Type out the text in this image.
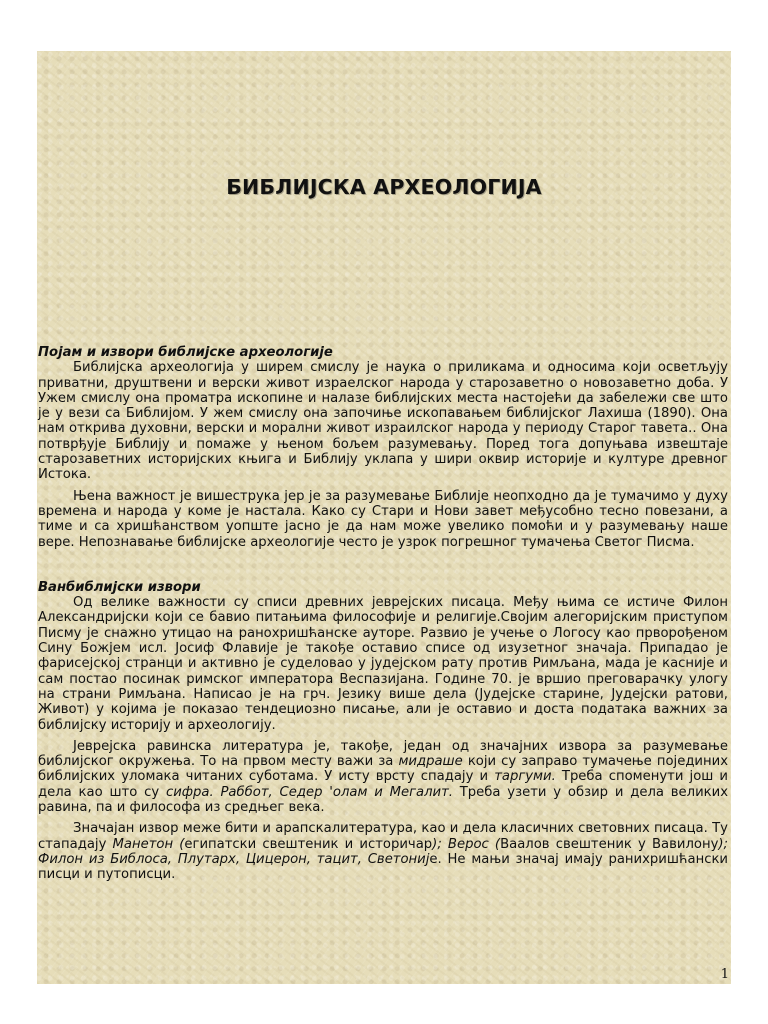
БИБЛИЈСКА АРХЕОЛОГИЈА

Појам и извори библијске археологије

Библијска археологија у ширем смислу је наука о приликама и односима који осветљују приватни, друштвени и верски живот израелског народа у старозаветно о новозаветно доба. У Ужем смислу она проматра ископине и налазе библијских места настојећи да забележи све што је у вези са Библијом. У жем смислу она започиње ископавањем библијског Лахиша (1890). Она нам открива духовни, верски и морални живот израилског народа у периоду Старог тавета.. Она потврђује Библију и помаже у њеном бољем разумевању. Поред тога допуњава извештаје старозаветних историјских књига и Библију уклапа у шири оквир историје и културе древног Истока.

Њена важност је вишеструка јер је за разумевање Библије неопходно да је тумачимо у духу времена и народа у коме је настала. Како су Стари и Нови завет међусобно тесно повезани, а тиме и са хришћанством уопште јасно је да нам може увелико помоћи и у разумевању наше вере. Непознавање библијске археологије често је узрок погрешног тумачења Светог Писма.

Ванбиблијски извори

Од велике важности су списи древних јеврејских писаца. Међу њима се истиче Филон Александријски који се бавио питањима философије и религије.Својим алегоријским приступом Писму је снажно утицао на ранохришћанске ауторе. Развио је учење о Логосу као прворођеном Сину Божјем исл. Јосиф Флавије је такође оставио списе од изузетног значаја. Припадао је фарисејској странци и активно је суделовао у јудејском рату против Римљана, мада је касније и сам постао посинак римског императора Веспазијана. Године 70. је вршио преговарачку улогу на страни Римљана. Написао је на грч. Језику више дела (Јудејске старине, Јудејски ратови, Живот) у којима је показао тендециозно писање, али је оставио и доста података важних за библијску историју и археологију.

Јеврејска равинска литература је, такође, један од значајних извора за разумевање библијског окружења. То на првом месту важи за мидраше који су заправо тумачење појединих библијских уломака читаних суботама. У исту врсту спадају и таргуми. Треба споменути још и дела као што су сифра. Раббот, Седер 'олам и Мегалит. Треба узети у обзир и дела великих равина, па и философа из средњег века.

Значајан извор меже бити и арапскалитература, као и дела класичних световних писаца. Ту стападају Манетон (египатски свештеник и историчар); Верос (Ваалов свештеник у Вавилону); Филон из Библоса, Плутарх, Цицерон, тацит, Светоније. Не мањи значај имају ранихришћански писци и путописци.

1
